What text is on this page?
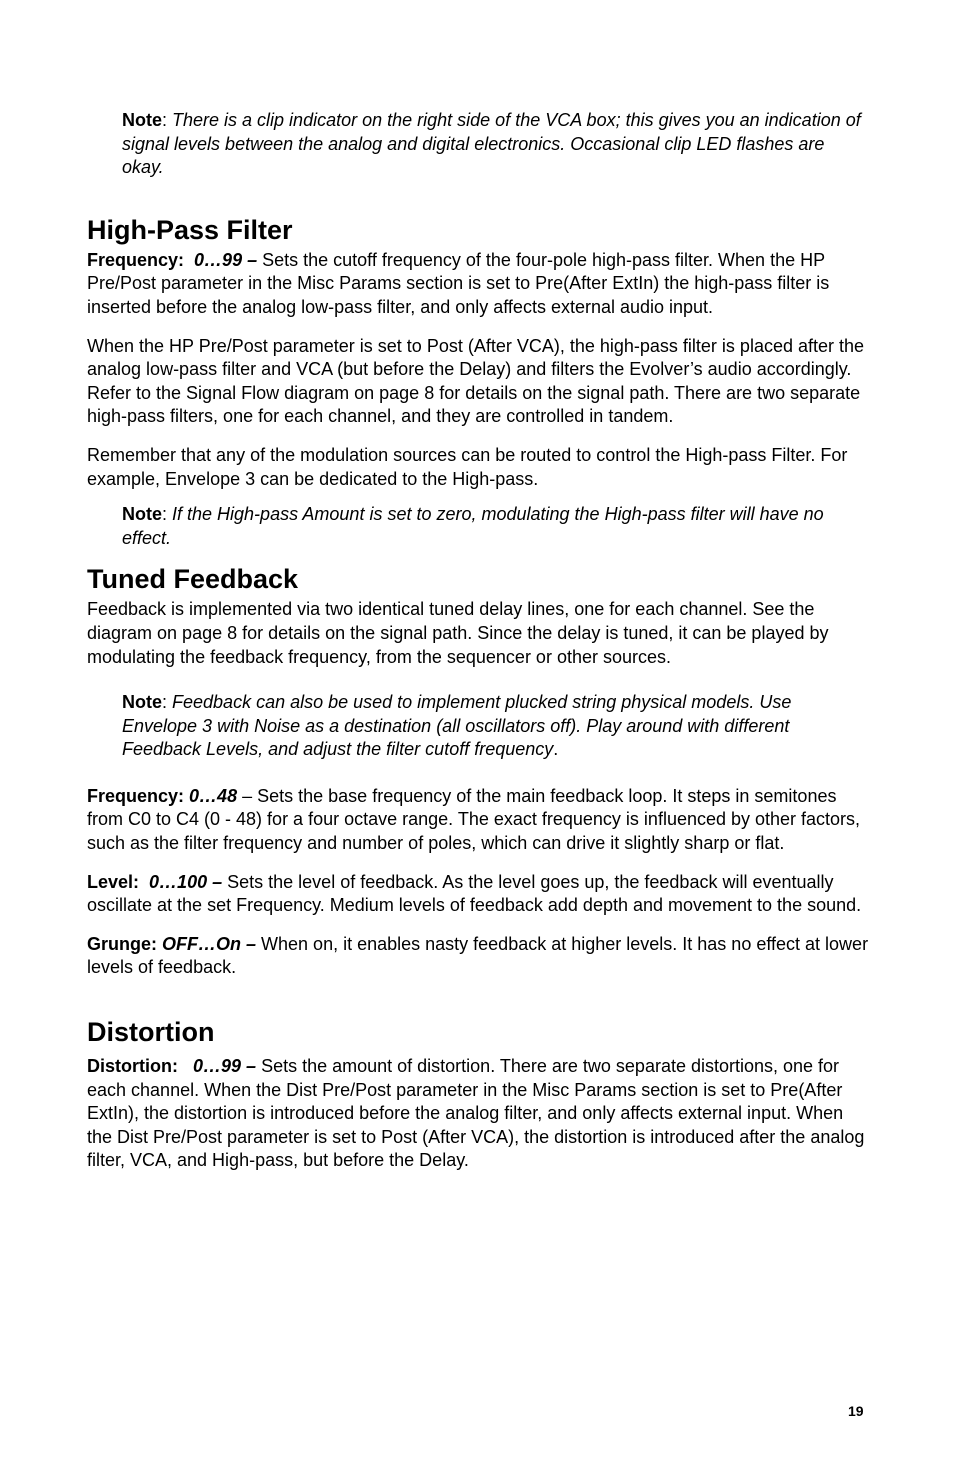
Note: There is a clip indicator on the right side of the VCA box; this gives you an indication of signal levels between the analog and digital electronics. Occasional clip LED flashes are okay.

High-Pass Filter

Frequency: 0…99 – Sets the cutoff frequency of the four-pole high-pass filter. When the HP Pre/Post parameter in the Misc Params section is set to Pre(After ExtIn) the high-pass filter is inserted before the analog low-pass filter, and only affects external audio input.

When the HP Pre/Post parameter is set to Post (After VCA), the high-pass filter is placed after the analog low-pass filter and VCA (but before the Delay) and filters the Evolver’s audio accordingly. Refer to the Signal Flow diagram on page 8 for details on the signal path. There are two separate high-pass filters, one for each channel, and they are controlled in tandem.

Remember that any of the modulation sources can be routed to control the High-pass Filter. For example, Envelope 3 can be dedicated to the High-pass.

Note: If the High-pass Amount is set to zero, modulating the High-pass filter will have no effect.

Tuned Feedback

Feedback is implemented via two identical tuned delay lines, one for each channel. See the diagram on page 8 for details on the signal path. Since the delay is tuned, it can be played by modulating the feedback frequency, from the sequencer or other sources.

Note: Feedback can also be used to implement plucked string physical models. Use Envelope 3 with Noise as a destination (all oscillators off). Play around with different Feedback Levels, and adjust the filter cutoff frequency.

Frequency: 0…48 – Sets the base frequency of the main feedback loop. It steps in semitones from C0 to C4 (0 - 48) for a four octave range. The exact frequency is influenced by other factors, such as the filter frequency and number of poles, which can drive it slightly sharp or flat.

Level: 0…100 – Sets the level of feedback. As the level goes up, the feedback will eventually oscillate at the set Frequency. Medium levels of feedback add depth and movement to the sound.

Grunge: OFF…On – When on, it enables nasty feedback at higher levels. It has no effect at lower levels of feedback.

Distortion

Distortion: 0…99 – Sets the amount of distortion. There are two separate distortions, one for each channel. When the Dist Pre/Post parameter in the Misc Params section is set to Pre(After ExtIn), the distortion is introduced before the analog filter, and only affects external input. When the Dist Pre/Post parameter is set to Post (After VCA), the distortion is introduced after the analog filter, VCA, and High-pass, but before the Delay.

19
